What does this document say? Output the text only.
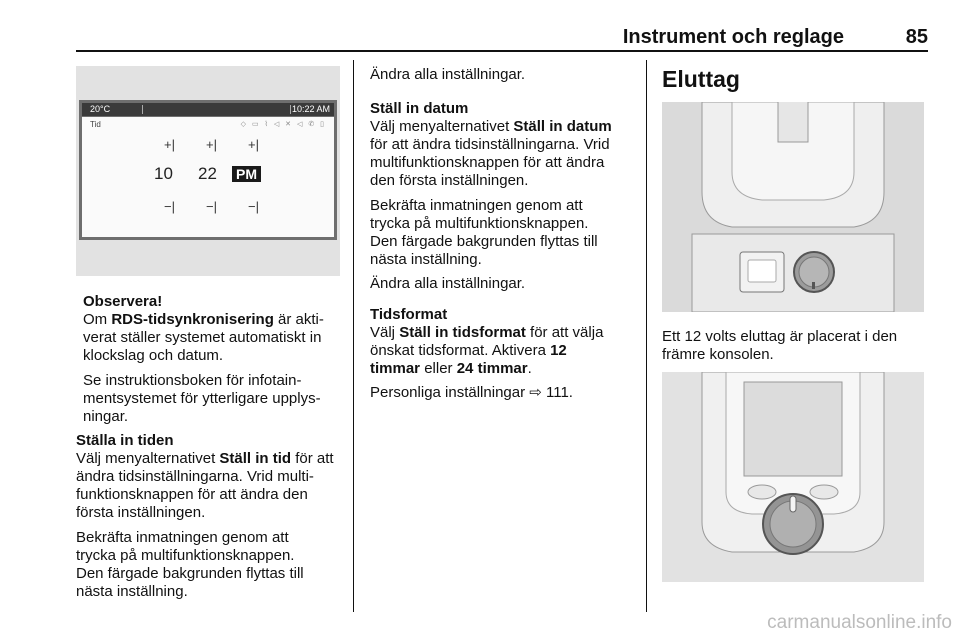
Instrument och reglage	85
20°C	10:22 AM
Tid	◇ ▭ ⌇ ◁ ✕ ◁ ✆ ▯
+| +| +|
10 22 PM
−| −| −|

Observera!

Om RDS-tidsynkronisering är akti-

verat ställer systemet automatiskt in

klockslag och datum.

Se instruktionsboken för infotain-

mentsystemet för ytterligare upplys-

ningar.

Ställa in tiden

Välj menyalternativet Ställ in tid för att

ändra tidsinställningarna. Vrid multi-

funktionsknappen för att ändra den

första inställningen.

Bekräfta inmatningen genom att

trycka på multifunktionsknappen.

Den färgade bakgrunden flyttas till

nästa inställning.

Ändra alla inställningar.

Ställ in datum

Välj menyalternativet Ställ in datum

för att ändra tidsinställningarna. Vrid

multifunktionsknappen för att ändra

den första inställningen.

Bekräfta inmatningen genom att

trycka på multifunktionsknappen.

Den färgade bakgrunden flyttas till

nästa inställning.

Ändra alla inställningar.

Tidsformat

Välj Ställ in tidsformat för att välja

önskat tidsformat. Aktivera 12

timmar eller 24 timmar.

Personliga inställningar ⇨ 111.

Eluttag

Ett 12 volts eluttag är placerat i den

främre konsolen.

carmanualsonline.info
